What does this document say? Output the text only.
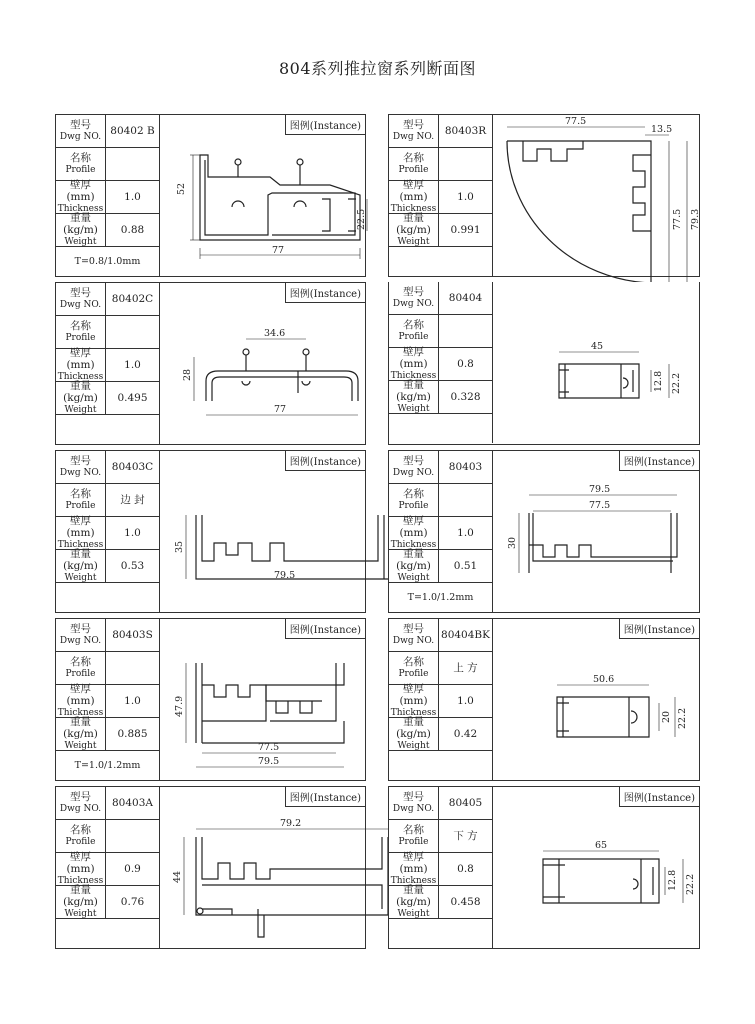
804系列推拉窗系列断面图
型号
Dwg NO. 80402 B
名称
Profile
壁厚 (mm)
Thickness
1.0
重量 (kg/m)
Weight
0.88
T=0.8/1.0mm
图例(Instance)
52
77
22.5
型号
Dwg NO.	80403R
名称
Profile
壁厚 (mm)
Thickness
1.0
重量 (kg/m)
Weight
0.991
77.5
13.5
77.5 79.3
型号
Dwg NO.	80402C
名称
Profile
壁厚 (mm)
Thickness
1.0
重量 (kg/m)
Weight
0.495
图例(Instance)
34.6
28
77
型号
Dwg NO.	80404
名称
Profile
壁厚 (mm)
Thickness
0.8
重量 (kg/m)
Weight
0.328
45
12.8 22.2
型号
Dwg NO.	80403C
名称
Profile	边 封
壁厚 (mm)
Thickness
1.0
重量 (kg/m)
Weight
0.53
图例(Instance)
35
79.5
型号
Dwg NO.	80403
名称
Profile
壁厚 (mm)
Thickness
1.0
重量 (kg/m)
Weight
0.51
T=1.0/1.2mm
图例(Instance)
79.5
77.5
30
型号
Dwg NO.	80403S
名称
Profile
壁厚 (mm)
Thickness
1.0
重量 (kg/m)
Weight
0.885
T=1.0/1.2mm
图例(Instance)
47.9
77.5
79.5
型号
Dwg NO. 80404BK
名称
Profile	上 方
壁厚 (mm)
Thickness
1.0
重量 (kg/m)
Weight
0.42
图例(Instance)
50.6
20 22.2
型号
Dwg NO.	80403A
名称
Profile
壁厚 (mm)
Thickness
0.9
重量 (kg/m)
Weight
0.76
图例(Instance)
79.2
44
型号
Dwg NO.	80405
名称
Profile	下 方
壁厚 (mm)
Thickness
0.8
重量 (kg/m)
Weight
0.458
图例(Instance)
65
12.8 22.2
